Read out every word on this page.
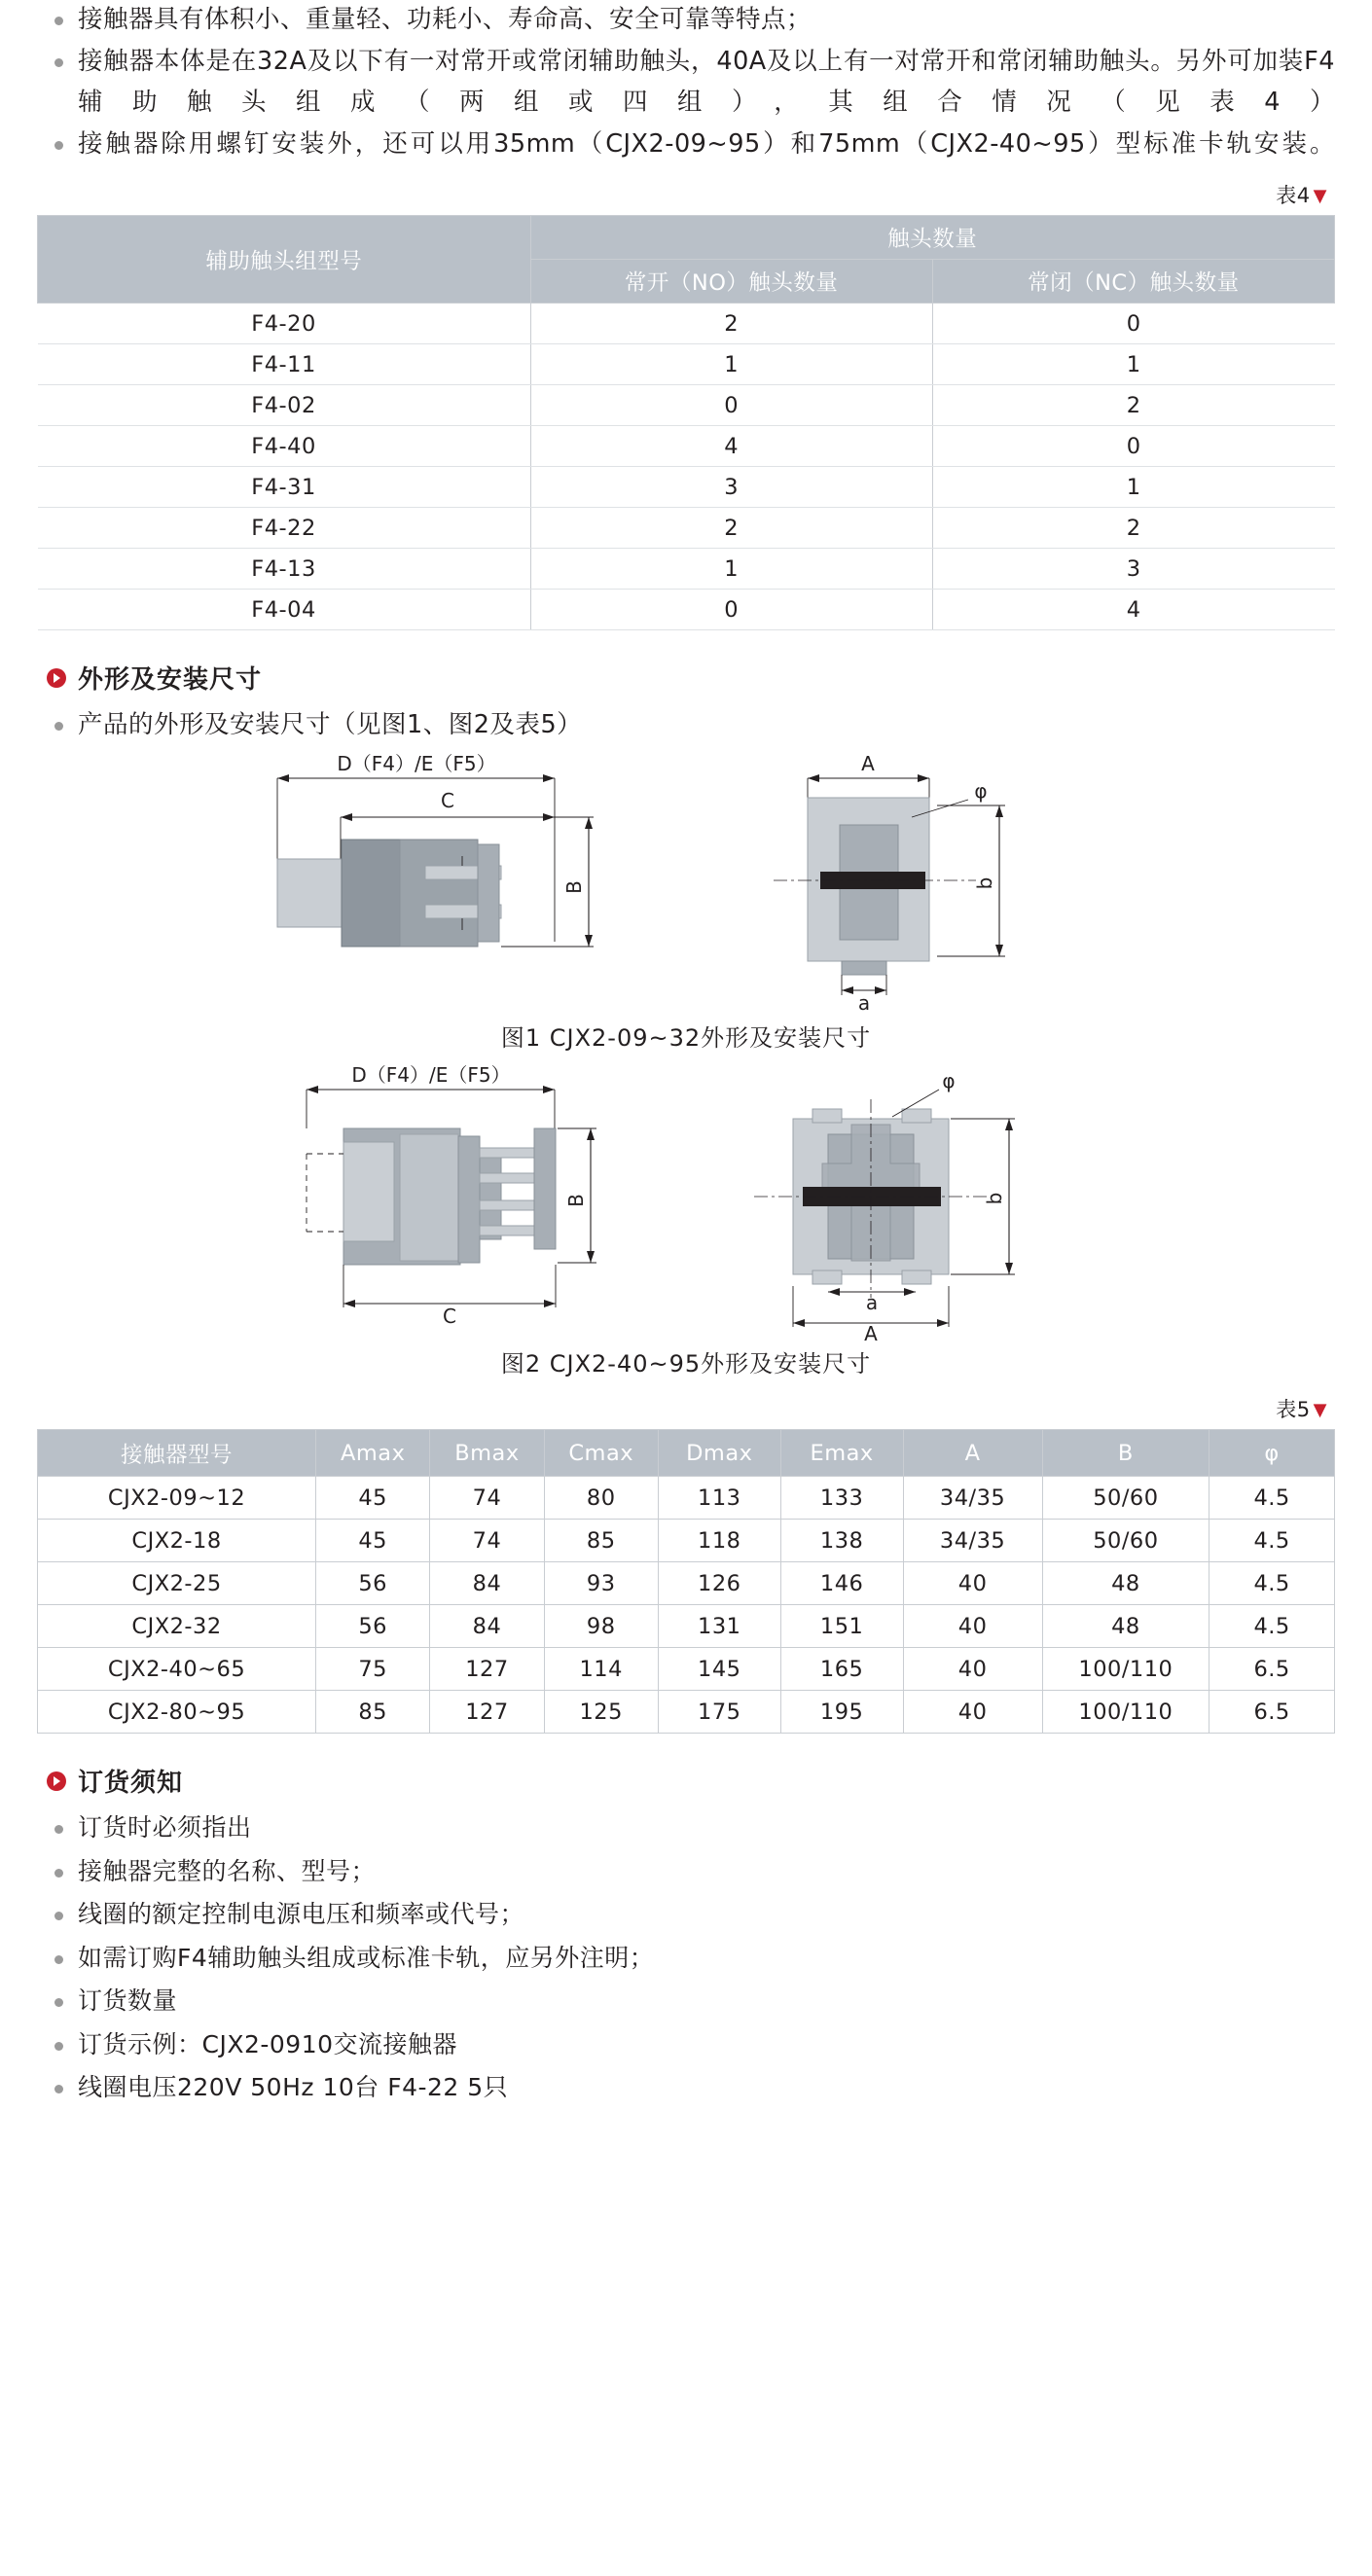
接触器具有体积小、重量轻、功耗小、寿命高、安全可靠等特点；
接触器本体是在32A及以下有一对常开或常闭辅助触头，40A及以上有一对常开和常闭辅助触头。另外可加装F4辅助触头组成（两组或四组），其组合情况（见表4）
接触器除用螺钉安装外，还可以用35mm（CJX2-09~95）和75mm（CJX2-40~95）型标准卡轨安装。
表4 ▼
辅助触头组型号	触头数量	
	常开（NO）触头数量	常闭（NC）触头数量
F4-20	2	0
F4-11	1	1
F4-02	0	2
F4-40	4	0
F4-31	3	1
F4-22	2	2
F4-13	1	3
F4-04	0	4
外形及安装尺寸
产品的外形及安装尺寸（见图1、图2及表5）
D（F4）/E（F5）
C
B
A
φ
b
a
图1 CJX2-09~32外形及安装尺寸
D（F4）/E（F5）
B
C
φ
b
a
A
图2 CJX2-40~95外形及安装尺寸
表5 ▼
接触器型号	Amax	Bmax	Cmax	Dmax	Emax	A	B	φ
CJX2-09~12	45	74	80	113	133	34/35	50/60	4.5
CJX2-18	45	74	85	118	138	34/35	50/60	4.5
CJX2-25	56	84	93	126	146	40	48	4.5
CJX2-32	56	84	98	131	151	40	48	4.5
CJX2-40~65	75	127	114	145	165	40	100/110	6.5
CJX2-80~95	85	127	125	175	195	40	100/110	6.5
订货须知
订货时必须指出
接触器完整的名称、型号；
线圈的额定控制电源电压和频率或代号；
如需订购F4辅助触头组成或标准卡轨，应另外注明；
订货数量
订货示例：CJX2-0910交流接触器
线圈电压220V 50Hz 10台 F4-22 5只
